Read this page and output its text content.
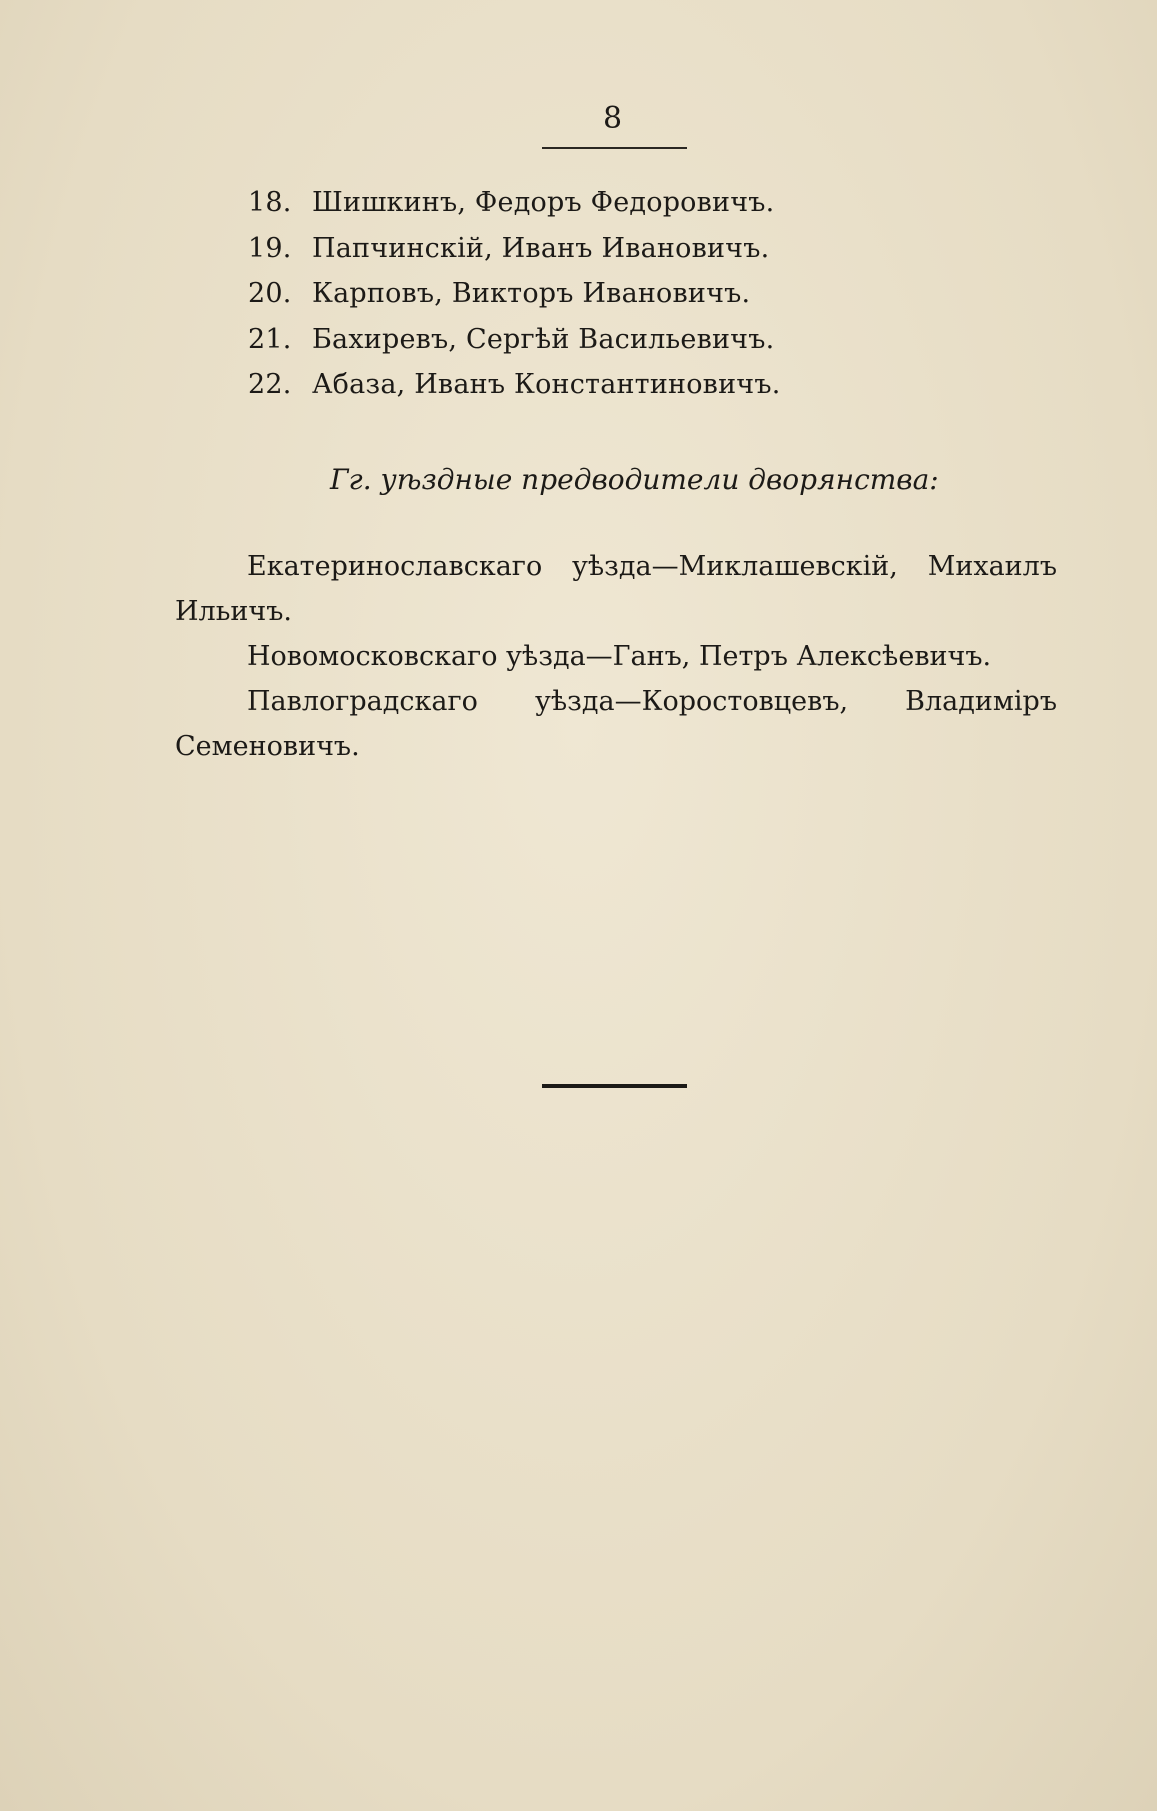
8
18. Шишкинъ, Федоръ Федоровичъ.
19. Папчинскій, Иванъ Ивановичъ.
20. Карповъ, Викторъ Ивановичъ.
21. Бахиревъ, Сергѣй Васильевичъ.
22. Абаза, Иванъ Константиновичъ.
Гг. уѣздные предводители дворянства:

Екатеринославскаго уѣзда—Миклашевскій, Михаилъ Ильичъ.

Новомосковскаго уѣзда—Ганъ, Петръ Алексѣевичъ.

Павлоградскаго уѣзда—Коростовцевъ, Владиміръ Семеновичъ.
